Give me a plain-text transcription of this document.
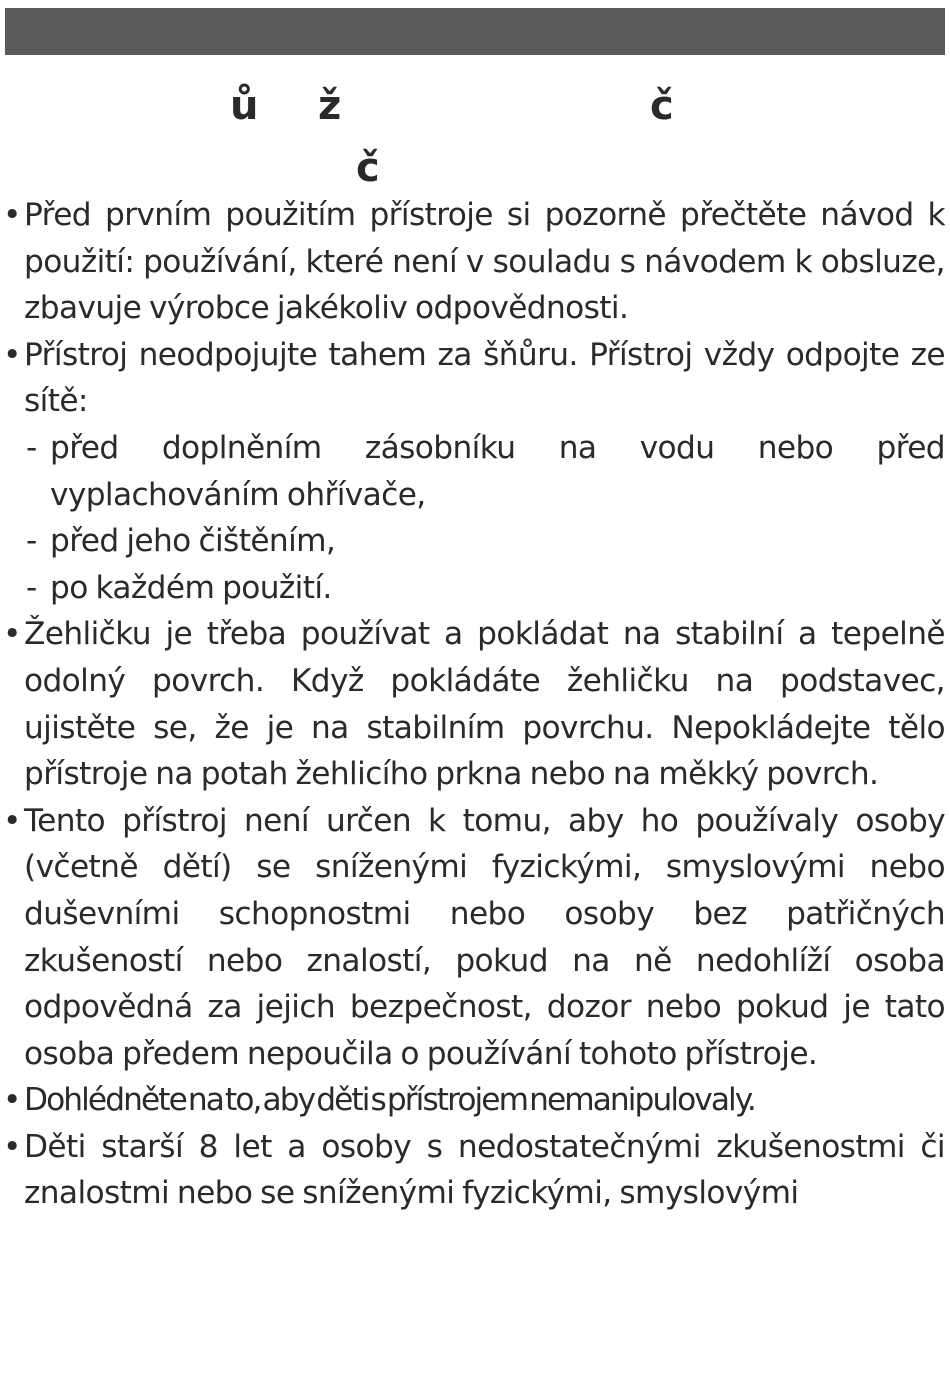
ů ž	č
č
• Před prvním použitím přístroje si pozorně přečtěte návod k použití: používání, které není v souladu s návodem k obsluze, zbavuje výrobce jakékoliv odpovědnosti.
• Přístroj neodpojujte tahem za šňůru. Přístroj vždy odpojte ze sítě:
- před doplněním zásobníku na vodu nebo před vyplachováním ohřívače,
- před jeho čištěním,
- po každém použití.
• Žehličku je třeba používat a pokládat na stabilní a tepelně odolný povrch. Když pokládáte žehličku na podstavec, ujistěte se, že je na stabilním povrchu. Nepokládejte tělo přístroje na potah žehlicího prkna nebo na měkký povrch.
• Tento přístroj není určen k tomu, aby ho používaly osoby (včetně dětí) se sníženými fyzickými, smyslovými nebo duševními schopnostmi nebo osoby bez patřičných zkušeností nebo znalostí, pokud na ně nedohlíží osoba odpovědná za jejich bezpečnost, dozor nebo pokud je tato osoba předem nepoučila o používání tohoto přístroje.
• Dohlédněte na to, aby děti s přístrojem nemanipulovaly.
• Děti starší 8 let a osoby s nedostatečnými zkušenostmi či znalostmi nebo se sníženými fyzickými, smyslovými
